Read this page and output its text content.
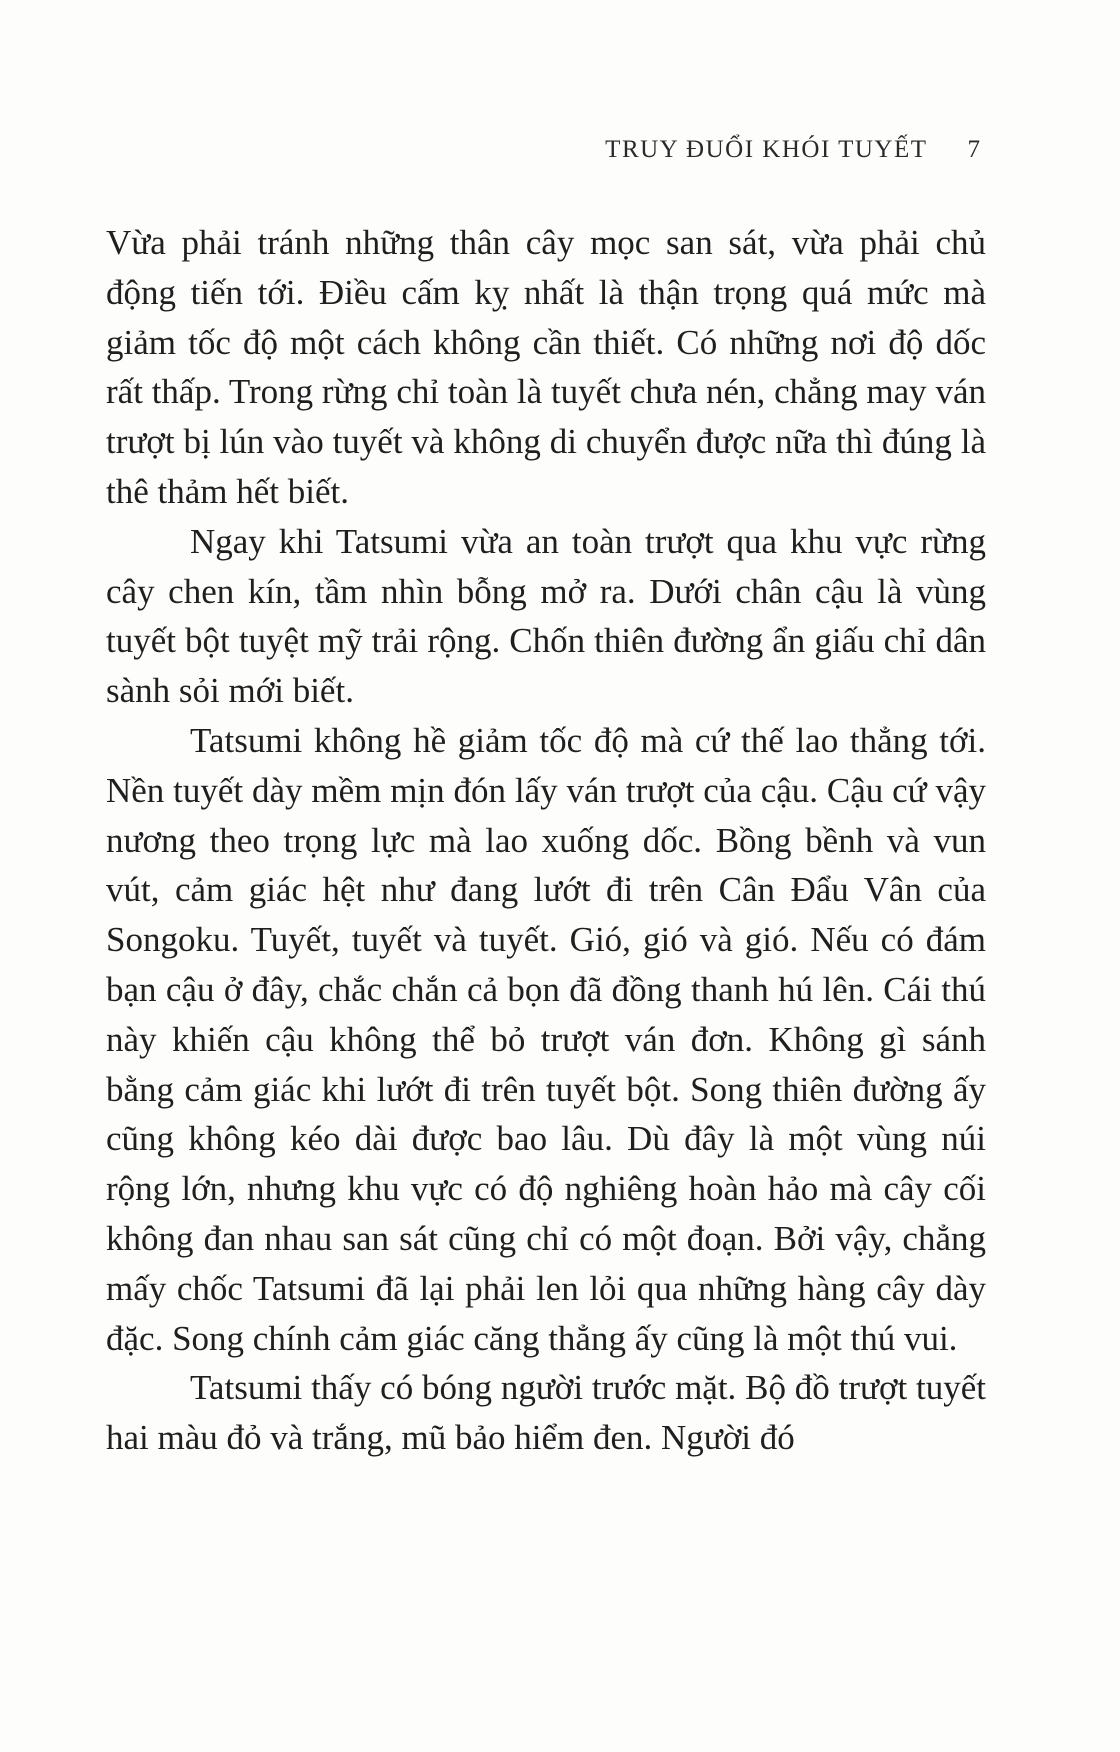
TRUY ĐUỔI KHÓI TUYẾT 7

Vừa phải tránh những thân cây mọc san sát, vừa phải chủ động tiến tới. Điều cấm kỵ nhất là thận trọng quá mức mà giảm tốc độ một cách không cần thiết. Có những nơi độ dốc rất thấp. Trong rừng chỉ toàn là tuyết chưa nén, chẳng may ván trượt bị lún vào tuyết và không di chuyển được nữa thì đúng là thê thảm hết biết.

Ngay khi Tatsumi vừa an toàn trượt qua khu vực rừng cây chen kín, tầm nhìn bỗng mở ra. Dưới chân cậu là vùng tuyết bột tuyệt mỹ trải rộng. Chốn thiên đường ẩn giấu chỉ dân sành sỏi mới biết.

Tatsumi không hề giảm tốc độ mà cứ thế lao thẳng tới. Nền tuyết dày mềm mịn đón lấy ván trượt của cậu. Cậu cứ vậy nương theo trọng lực mà lao xuống dốc. Bồng bềnh và vun vút, cảm giác hệt như đang lướt đi trên Cân Đẩu Vân của Songoku. Tuyết, tuyết và tuyết. Gió, gió và gió. Nếu có đám bạn cậu ở đây, chắc chắn cả bọn đã đồng thanh hú lên. Cái thú này khiến cậu không thể bỏ trượt ván đơn. Không gì sánh bằng cảm giác khi lướt đi trên tuyết bột. Song thiên đường ấy cũng không kéo dài được bao lâu. Dù đây là một vùng núi rộng lớn, nhưng khu vực có độ nghiêng hoàn hảo mà cây cối không đan nhau san sát cũng chỉ có một đoạn. Bởi vậy, chẳng mấy chốc Tatsumi đã lại phải len lỏi qua những hàng cây dày đặc. Song chính cảm giác căng thẳng ấy cũng là một thú vui.

Tatsumi thấy có bóng người trước mặt. Bộ đồ trượt tuyết hai màu đỏ và trắng, mũ bảo hiểm đen. Người đó
